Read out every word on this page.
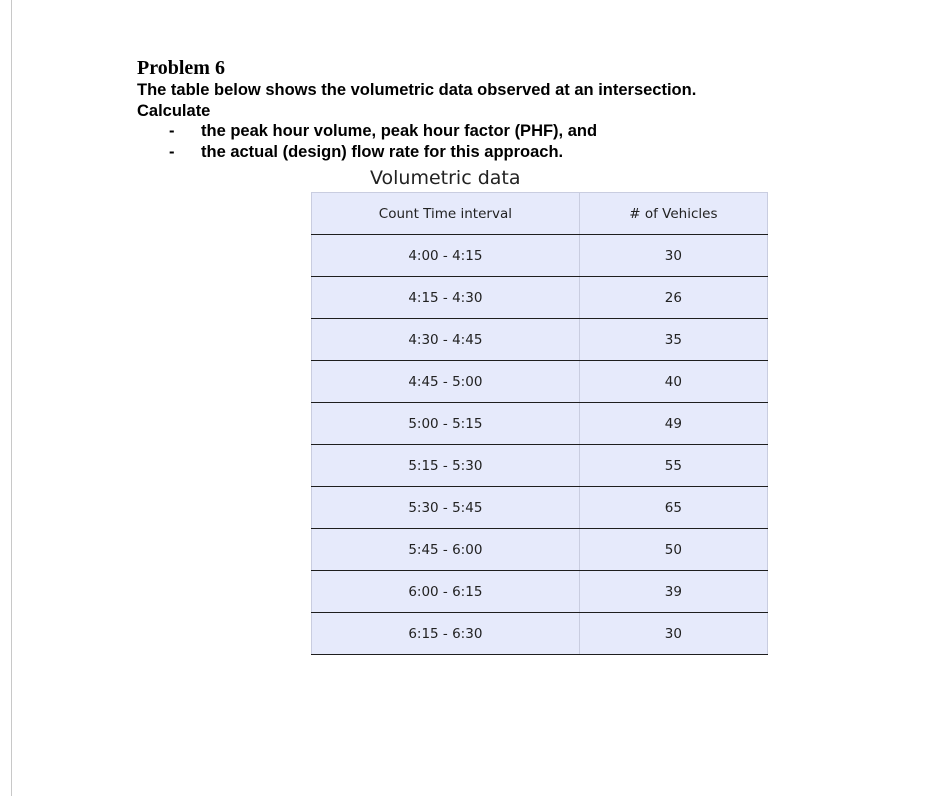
Problem 6
The table below shows the volumetric data observed at an intersection.
Calculate
- the peak hour volume, peak hour factor (PHF), and
- the actual (design) flow rate for this approach.
Volumetric data
Count Time interval	# of Vehicles
4:00 - 4:15	30
4:15 - 4:30	26
4:30 - 4:45	35
4:45 - 5:00	40
5:00 - 5:15	49
5:15 - 5:30	55
5:30 - 5:45	65
5:45 - 6:00	50
6:00 - 6:15	39
6:15 - 6:30	30
